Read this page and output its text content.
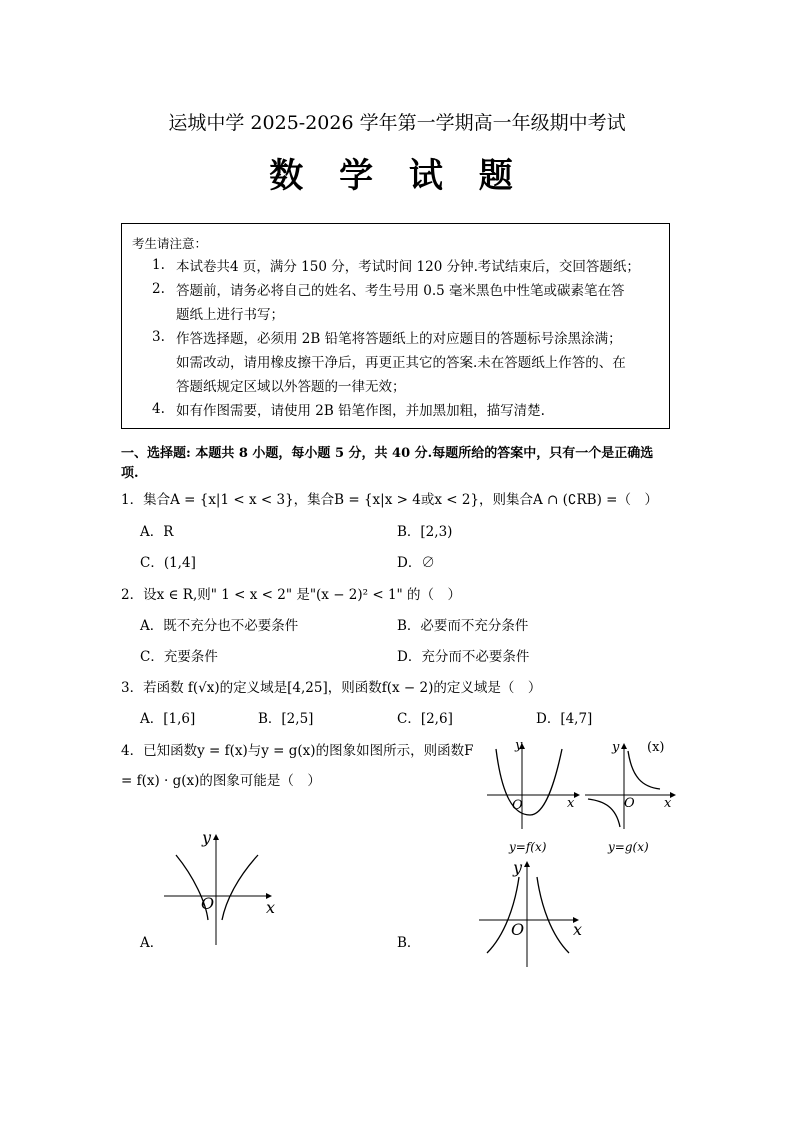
运城中学 2025-2026 学年第一学期高一年级期中考试
数 学 试 题
考生请注意：
1. 本试卷共4 页，满分 150 分，考试时间 120 分钟.考试结束后，交回答题纸；
2. 答题前，请务必将自己的姓名、考生号用 0.5 毫米黑色中性笔或碳素笔在答
题纸上进行书写；
3. 作答选择题，必须用 2B 铅笔将答题纸上的对应题目的答题标号涂黑涂满；
如需改动，请用橡皮擦干净后，再更正其它的答案.未在答题纸上作答的、在
答题纸规定区域以外答题的一律无效；
4. 如有作图需要，请使用 2B 铅笔作图，并加黑加粗，描写清楚.
一、选择题: 本题共 8 小题，每小题 5 分，共 40 分.每题所给的答案中，只有一个是正确选
项.
1．集合A = {x|1 < x < 3}，集合B = {x|x > 4或x < 2}，则集合A ∩ (∁RB) =（　）
A．R	B．[2,3)
C．(1,4]	D．∅
2．设x ∈ R,则" 1 < x < 2" 是"(x − 2)² < 1" 的（　）
A．既不充分也不必要条件	B．必要而不充分条件
C．充要条件	D．充分而不必要条件
3．若函数 f(√x)的定义域是[4,25]，则函数f(x − 2)的定义域是（　）
A．[1,6]	B．[2,5]	C．[2,6]	D．[4,7]
4．已知函数y = f(x)与y = g(x)的图象如图所示，则函数F
= f(x) · g(x)的图象可能是（　）
y
x
O
y=f(x)
y (x)
x
O
y=g(x)
A．
y
x
O
B．
y
x
O
